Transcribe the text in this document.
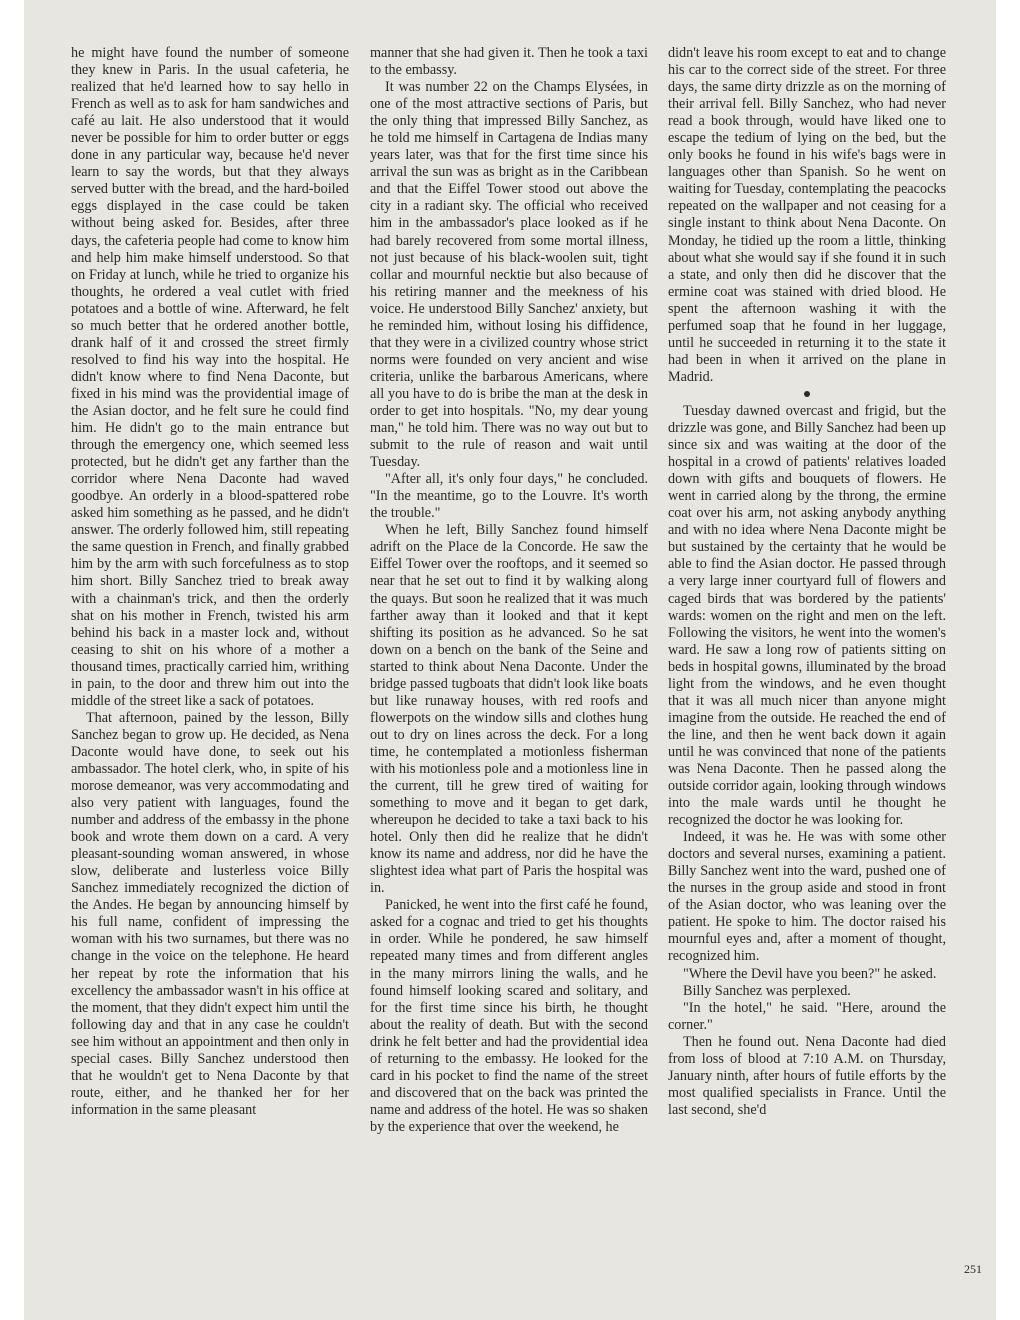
he might have found the number of someone they knew in Paris. In the usual cafeteria, he realized that he'd learned how to say hello in French as well as to ask for ham sandwiches and café au lait. He also understood that it would never be possible for him to order butter or eggs done in any particular way, because he'd never learn to say the words, but that they always served butter with the bread, and the hard-boiled eggs displayed in the case could be taken without being asked for. Besides, after three days, the cafeteria people had come to know him and help him make himself understood. So that on Friday at lunch, while he tried to organize his thoughts, he ordered a veal cutlet with fried potatoes and a bottle of wine. Afterward, he felt so much better that he ordered another bottle, drank half of it and crossed the street firmly resolved to find his way into the hospital. He didn't know where to find Nena Daconte, but fixed in his mind was the providential image of the Asian doctor, and he felt sure he could find him. He didn't go to the main entrance but through the emergency one, which seemed less protected, but he didn't get any farther than the corridor where Nena Daconte had waved goodbye. An orderly in a blood-spattered robe asked him something as he passed, and he didn't answer. The orderly followed him, still repeating the same question in French, and finally grabbed him by the arm with such forcefulness as to stop him short. Billy Sanchez tried to break away with a chainman's trick, and then the orderly shat on his mother in French, twisted his arm behind his back in a master lock and, without ceasing to shit on his whore of a mother a thousand times, practically carried him, writhing in pain, to the door and threw him out into the middle of the street like a sack of potatoes.

That afternoon, pained by the lesson, Billy Sanchez began to grow up. He decided, as Nena Daconte would have done, to seek out his ambassador. The hotel clerk, who, in spite of his morose demeanor, was very accommodating and also very patient with languages, found the number and address of the embassy in the phone book and wrote them down on a card. A very pleasant-sounding woman answered, in whose slow, deliberate and lusterless voice Billy Sanchez immediately recognized the diction of the Andes. He began by announcing himself by his full name, confident of impressing the woman with his two surnames, but there was no change in the voice on the telephone. He heard her repeat by rote the information that his excellency the ambassador wasn't in his office at the moment, that they didn't expect him until the following day and that in any case he couldn't see him without an appointment and then only in special cases. Billy Sanchez understood then that he wouldn't get to Nena Daconte by that route, either, and he thanked her for her information in the same pleasant

manner that she had given it. Then he took a taxi to the embassy.

It was number 22 on the Champs Elysées, in one of the most attractive sections of Paris, but the only thing that impressed Billy Sanchez, as he told me himself in Cartagena de Indias many years later, was that for the first time since his arrival the sun was as bright as in the Caribbean and that the Eiffel Tower stood out above the city in a radiant sky. The official who received him in the ambassador's place looked as if he had barely recovered from some mortal illness, not just because of his black-woolen suit, tight collar and mournful necktie but also because of his retiring manner and the meekness of his voice. He understood Billy Sanchez' anxiety, but he reminded him, without losing his diffidence, that they were in a civilized country whose strict norms were founded on very ancient and wise criteria, unlike the barbarous Americans, where all you have to do is bribe the man at the desk in order to get into hospitals. "No, my dear young man," he told him. There was no way out but to submit to the rule of reason and wait until Tuesday.

"After all, it's only four days," he concluded. "In the meantime, go to the Louvre. It's worth the trouble."

When he left, Billy Sanchez found himself adrift on the Place de la Concorde. He saw the Eiffel Tower over the rooftops, and it seemed so near that he set out to find it by walking along the quays. But soon he realized that it was much farther away than it looked and that it kept shifting its position as he advanced. So he sat down on a bench on the bank of the Seine and started to think about Nena Daconte. Under the bridge passed tugboats that didn't look like boats but like runaway houses, with red roofs and flowerpots on the window sills and clothes hung out to dry on lines across the deck. For a long time, he contemplated a motionless fisherman with his motionless pole and a motionless line in the current, till he grew tired of waiting for something to move and it began to get dark, whereupon he decided to take a taxi back to his hotel. Only then did he realize that he didn't know its name and address, nor did he have the slightest idea what part of Paris the hospital was in.

Panicked, he went into the first café he found, asked for a cognac and tried to get his thoughts in order. While he pondered, he saw himself repeated many times and from different angles in the many mirrors lining the walls, and he found himself looking scared and solitary, and for the first time since his birth, he thought about the reality of death. But with the second drink he felt better and had the providential idea of returning to the embassy. He looked for the card in his pocket to find the name of the street and discovered that on the back was printed the name and address of the hotel. He was so shaken by the experience that over the weekend, he

didn't leave his room except to eat and to change his car to the correct side of the street. For three days, the same dirty drizzle as on the morning of their arrival fell. Billy Sanchez, who had never read a book through, would have liked one to escape the tedium of lying on the bed, but the only books he found in his wife's bags were in languages other than Spanish. So he went on waiting for Tuesday, contemplating the peacocks repeated on the wallpaper and not ceasing for a single instant to think about Nena Daconte. On Monday, he tidied up the room a little, thinking about what she would say if she found it in such a state, and only then did he discover that the ermine coat was stained with dried blood. He spent the afternoon washing it with the perfumed soap that he found in her luggage, until he succeeded in returning it to the state it had been in when it arrived on the plane in Madrid.

Tuesday dawned overcast and frigid, but the drizzle was gone, and Billy Sanchez had been up since six and was waiting at the door of the hospital in a crowd of patients' relatives loaded down with gifts and bouquets of flowers. He went in carried along by the throng, the ermine coat over his arm, not asking anybody anything and with no idea where Nena Daconte might be but sustained by the certainty that he would be able to find the Asian doctor. He passed through a very large inner courtyard full of flowers and caged birds that was bordered by the patients' wards: women on the right and men on the left. Following the visitors, he went into the women's ward. He saw a long row of patients sitting on beds in hospital gowns, illuminated by the broad light from the windows, and he even thought that it was all much nicer than anyone might imagine from the outside. He reached the end of the line, and then he went back down it again until he was convinced that none of the patients was Nena Daconte. Then he passed along the outside corridor again, looking through windows into the male wards until he thought he recognized the doctor he was looking for.

Indeed, it was he. He was with some other doctors and several nurses, examining a patient. Billy Sanchez went into the ward, pushed one of the nurses in the group aside and stood in front of the Asian doctor, who was leaning over the patient. He spoke to him. The doctor raised his mournful eyes and, after a moment of thought, recognized him.

"Where the Devil have you been?" he asked.

Billy Sanchez was perplexed.

"In the hotel," he said. "Here, around the corner."

Then he found out. Nena Daconte had died from loss of blood at 7:10 A.M. on Thursday, January ninth, after hours of futile efforts by the most qualified specialists in France. Until the last second, she'd

251
